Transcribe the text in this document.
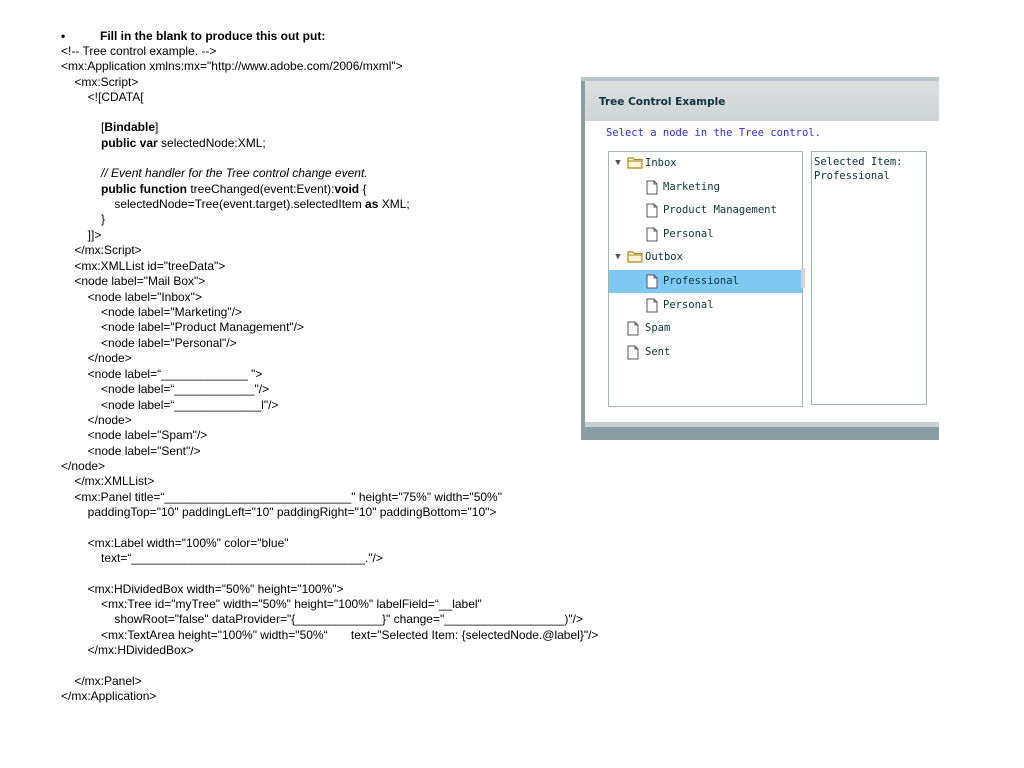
•	Fill in the blank to produce this out put:
<!-- Tree control example. -->
<mx:Application xmlns:mx="http://www.adobe.com/2006/mxml">
<mx:Script>
<![CDATA[
[Bindable]
public var selectedNode:XML;
// Event handler for the Tree control change event.
public function treeChanged(event:Event):void {
selectedNode=Tree(event.target).selectedItem as XML;
}
]]>
</mx:Script>
<mx:XMLList id="treeData">
<node label="Mail Box">
<node label="Inbox">
<node label="Marketing"/>
<node label="Product Management"/>
<node label="Personal"/>
</node>
<node label=“_____________ ">
<node label=“____________"/>
<node label=“_____________l"/>
</node>
<node label="Spam"/>
<node label="Sent"/>
</node>
</mx:XMLList>
<mx:Panel title=“____________________________" height="75%" width="50%"
paddingTop="10" paddingLeft="10" paddingRight="10" paddingBottom="10">
<mx:Label width="100%" color="blue"
text=“___________________________________."/>
<mx:HDividedBox width="50%" height="100%">
<mx:Tree id="myTree" width="50%" height="100%" labelField=“__label"
showRoot="false" dataProvider="{_____________}" change="__________________)"/>
<mx:TextArea height="100%" width="50%“       text="Selected Item: {selectedNode.@label}"/>
</mx:HDividedBox>
</mx:Panel>
</mx:Application>
Tree Control Example
Select a node in the Tree control.
▼ Inbox
Marketing
Product Management
Personal
▼ Outbox
Professional
Personal
Spam
Sent
Selected Item:
Professional
